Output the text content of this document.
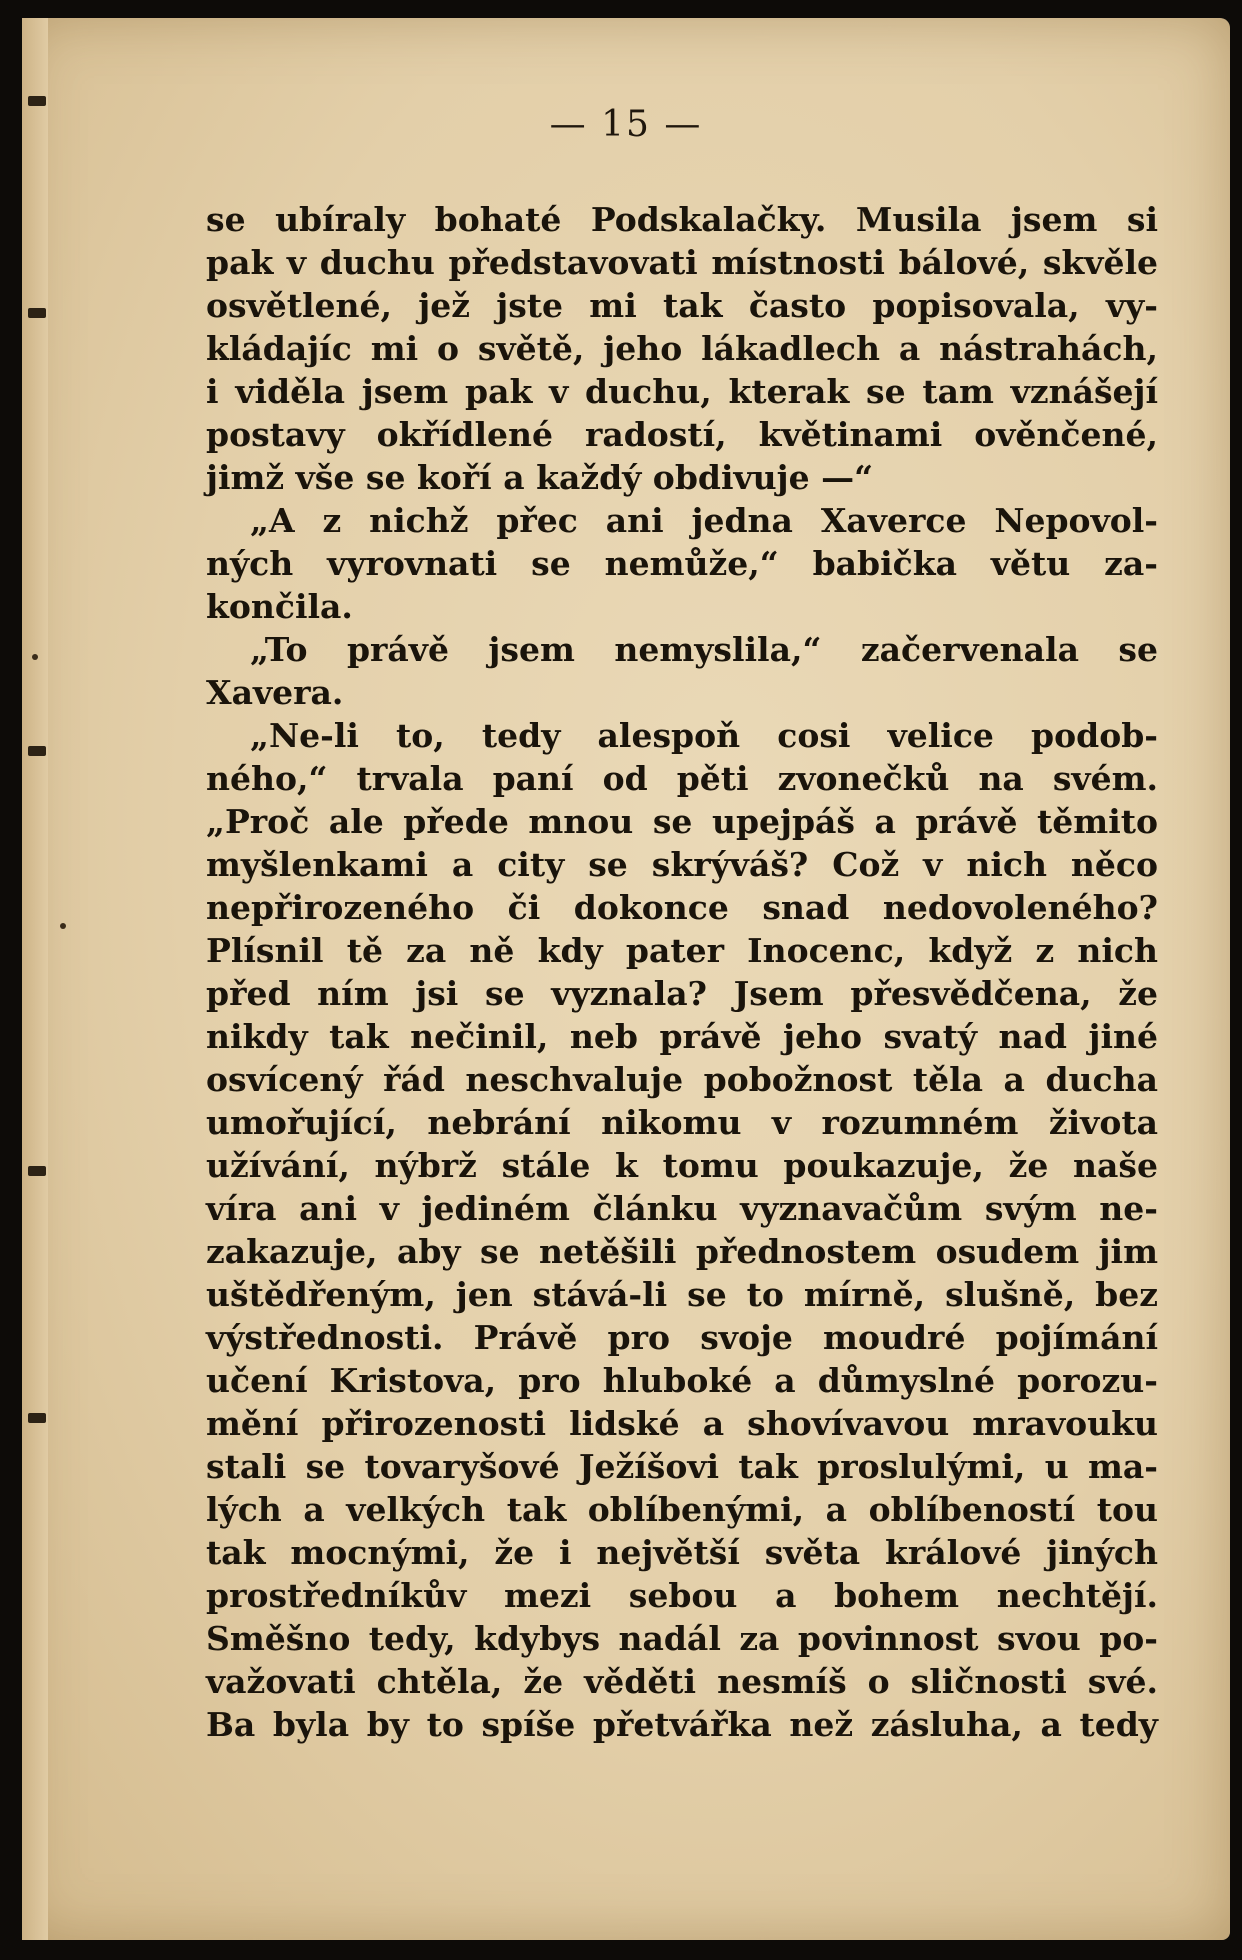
— 15 —
se ubíraly bohaté Podskalačky. Musila jsem si
pak v duchu představovati místnosti bálové, skvěle
osvětlené, jež jste mi tak často popisovala, vy-
kládajíc mi o světě, jeho lákadlech a nástrahách,
i viděla jsem pak v duchu, kterak se tam vznášejí
postavy okřídlené radostí, květinami ověnčené,
jimž vše se koří a každý obdivuje —“
„A z nichž přec ani jedna Xaverce Nepovol-
ných vyrovnati se nemůže,“ babička větu za-
končila.
„To právě jsem nemyslila,“ začervenala se
Xavera.
„Ne-li to, tedy alespoň cosi velice podob-
ného,“ trvala paní od pěti zvonečků na svém.
„Proč ale přede mnou se upejpáš a právě těmito
myšlenkami a city se skrýváš? Což v nich něco
nepřirozeného či dokonce snad nedovoleného?
Plísnil tě za ně kdy pater Inocenc, když z nich
před ním jsi se vyznala? Jsem přesvědčena, že
nikdy tak nečinil, neb právě jeho svatý nad jiné
osvícený řád neschvaluje pobožnost těla a ducha
umořující, nebrání nikomu v rozumném života
užívání, nýbrž stále k tomu poukazuje, že naše
víra ani v jediném článku vyznavačům svým ne-
zakazuje, aby se netěšili přednostem osudem jim
uštědřeným, jen stává-li se to mírně, slušně, bez
výstřednosti. Právě pro svoje moudré pojímání
učení Kristova, pro hluboké a důmyslné porozu-
mění přirozenosti lidské a shovívavou mravouku
stali se tovaryšové Ježíšovi tak proslulými, u ma-
lých a velkých tak oblíbenými, a oblíbeností tou
tak mocnými, že i největší světa králové jiných
prostředníkův mezi sebou a bohem nechtějí.
Směšno tedy, kdybys nadál za povinnost svou po-
važovati chtěla, že věděti nesmíš o sličnosti své.
Ba byla by to spíše přetvářka než zásluha, a tedy
